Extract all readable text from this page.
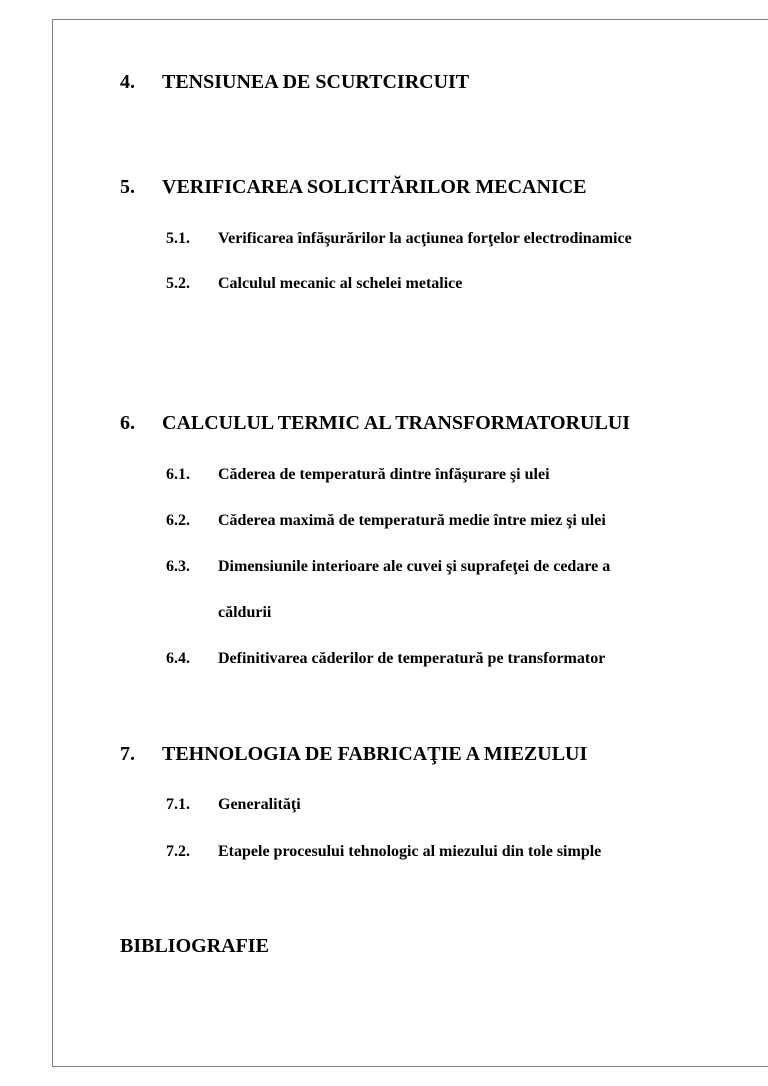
4. TENSIUNEA DE SCURTCIRCUIT
5. VERIFICAREA SOLICITĂRILOR MECANICE
5.1. Verificarea înfăşurărilor la acţiunea forţelor electrodinamice
5.2. Calculul mecanic al schelei metalice
6. CALCULUL TERMIC AL TRANSFORMATORULUI
6.1. Căderea de temperatură dintre înfăşurare şi ulei
6.2. Căderea maximă de temperatură medie între miez şi ulei
6.3. Dimensiunile interioare ale cuvei şi suprafeţei de cedare a
căldurii
6.4. Definitivarea căderilor de temperatură pe transformator
7. TEHNOLOGIA DE FABRICAŢIE A MIEZULUI
7.1. Generalităţi
7.2. Etapele procesului tehnologic al miezului din tole simple
BIBLIOGRAFIE
